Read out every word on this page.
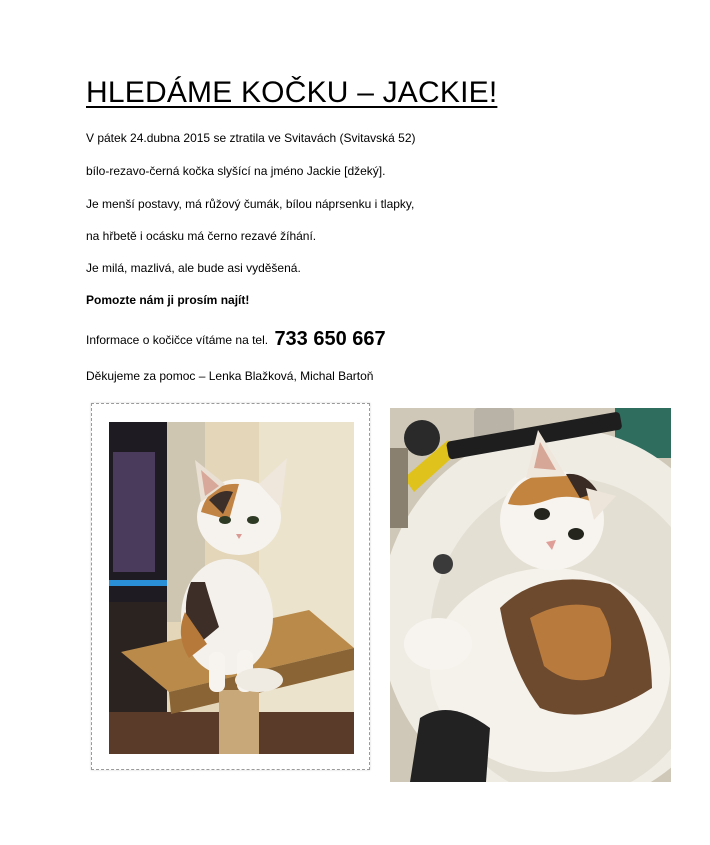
HLEDÁME KOČKU – JACKIE!
V pátek 24.dubna 2015 se ztratila ve Svitavách (Svitavská 52)
bílo-rezavo-černá kočka slyšící na jméno Jackie [džeký].
Je menší postavy, má růžový čumák, bílou náprsenku i tlapky,
na hřbetě i ocásku má černo rezavé žíhání.
Je milá, mazlivá, ale bude asi vyděšená.
Pomozte nám ji prosím najít!
Informace o kočičce vítáme na tel. 733 650 667
Děkujeme za pomoc – Lenka Blažková, Michal Bartoň
